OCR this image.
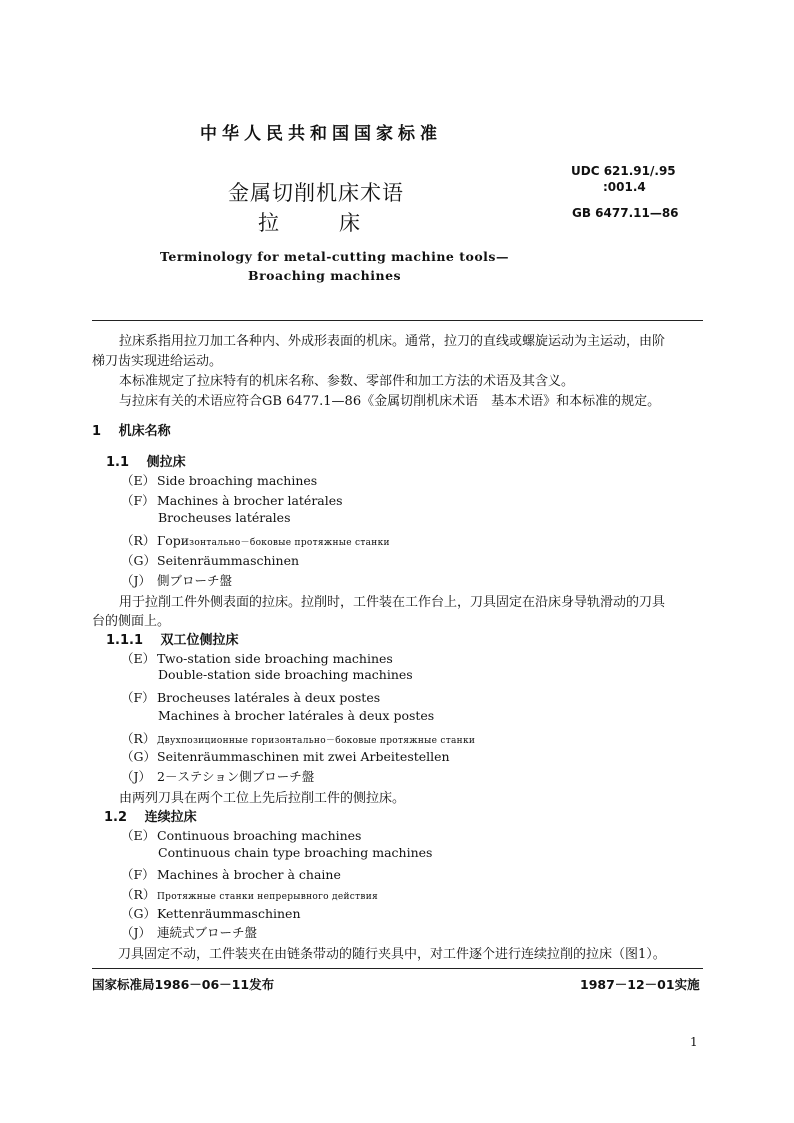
中华人民共和国国家标准
金属切削机床术语
拉	床
UDC 621.91/.95
:001.4
GB 6477.11—86
Terminology for metal-cutting machine tools—
Broaching machines
拉床系指用拉刀加工各种内、外成形表面的机床。通常，拉刀的直线或螺旋运动为主运动，由阶
梯刀齿实现进给运动。
本标准规定了拉床特有的机床名称、参数、零部件和加工方法的术语及其含义。
与拉床有关的术语应符合GB 6477.1—86《金属切削机床术语　基本术语》和本标准的规定。
1　 机床名称
1.1　 侧拉床
（E） Side broaching machines
（F） Machines à brocher latérales
Brocheuses latérales
（R） Горизонтально－боковые протяжные станки
（G）Seitenräummaschinen
（J） 側ブローチ盤
用于拉削工件外侧表面的拉床。拉削时，工件装在工作台上，刀具固定在沿床身导轨滑动的刀具
台的侧面上。
1.1.1　 双工位侧拉床
（E） Two-station side broaching machines
Double-station side broaching machines
（F） Brocheuses latérales à deux postes
Machines à brocher latérales à deux postes
（R） Двухпозиционные горизонтально－боковые протяжные станки
（G）Seitenräummaschinen mit zwei Arbeitestellen
（J） 2－ステション側ブローチ盤
由两列刀具在两个工位上先后拉削工件的侧拉床。
1.2　 连续拉床
（E） Continuous broaching machines
Continuous chain type broaching machines
（F） Machines à brocher à chaine
（R） Протяжные станки непрерывного действия
（G）Kettenräummaschinen
（J） 連続式ブローチ盤
刀具固定不动，工件装夹在由链条带动的随行夹具中，对工件逐个进行连续拉削的拉床（图1）。
国家标准局1986－06－11发布	1987－12－01实施
1
